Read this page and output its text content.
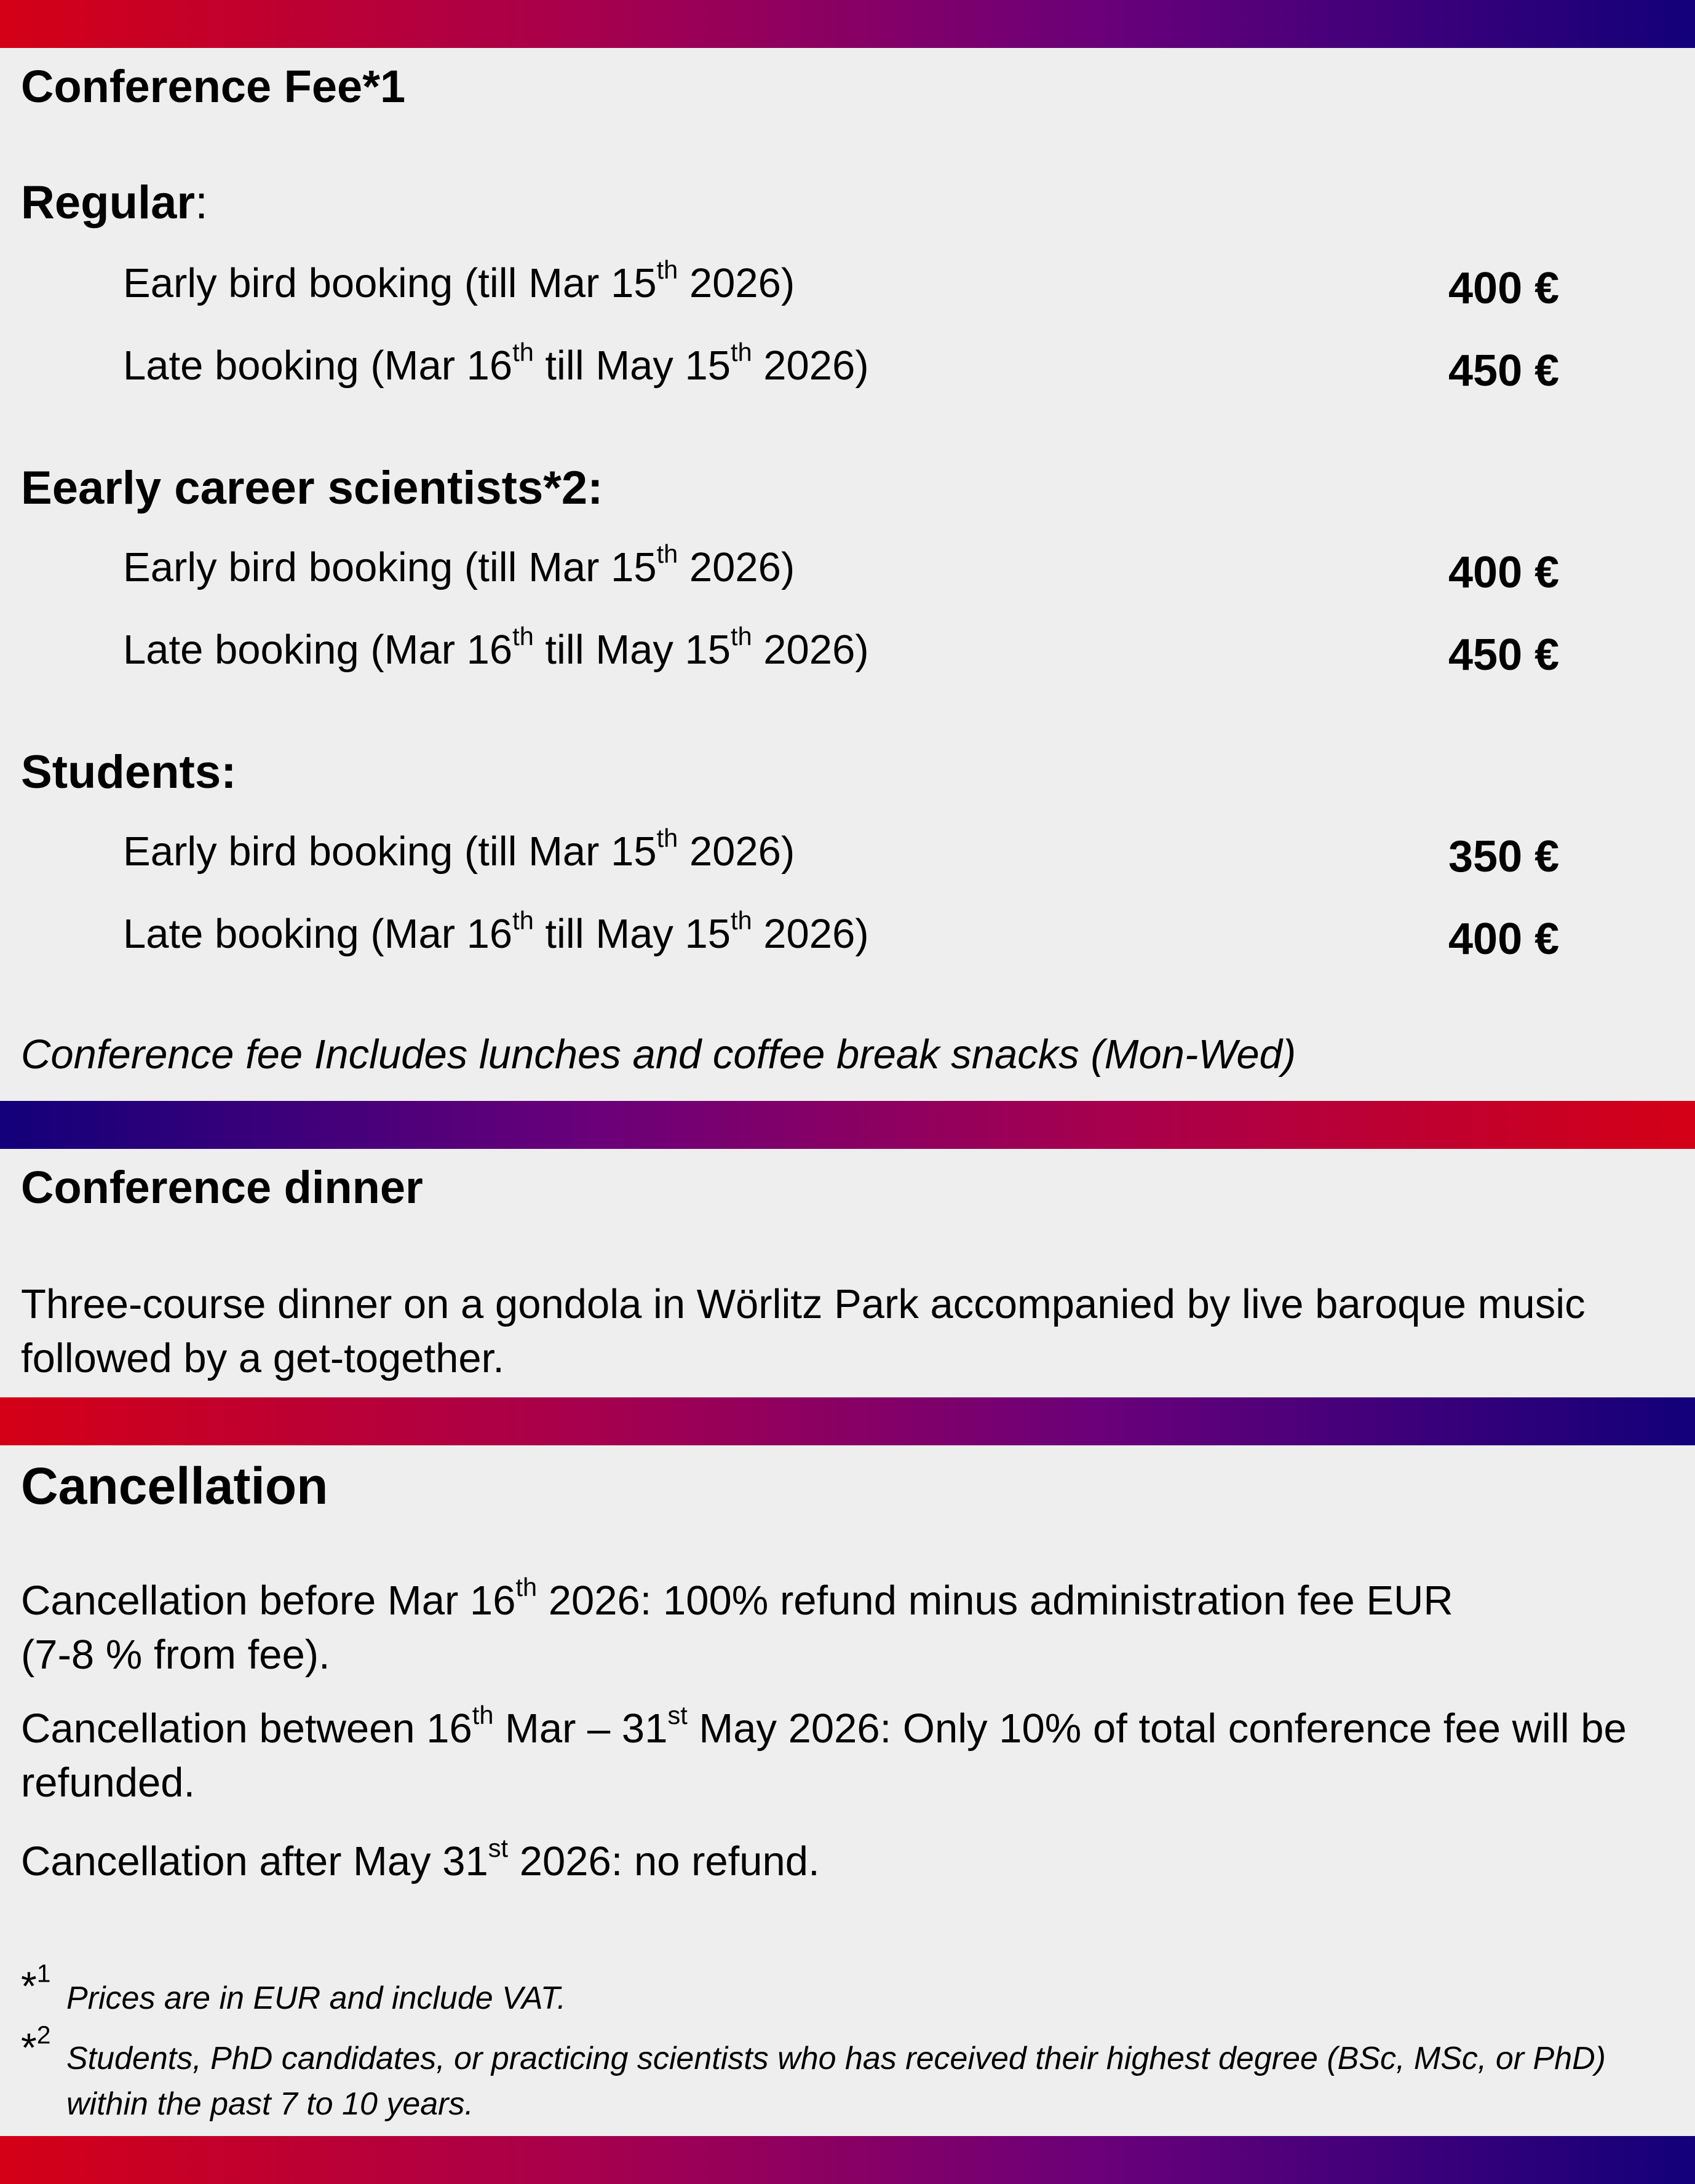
Conference Fee*1
Regular:
Early bird booking (till Mar 15th 2026)	400 €
Late booking (Mar 16th till May 15th 2026)	450 €
Eearly career scientists*2:
Early bird booking (till Mar 15th 2026)	400 €
Late booking (Mar 16th till May 15th 2026)	450 €
Students:
Early bird booking (till Mar 15th 2026)	350 €
Late booking (Mar 16th till May 15th 2026)	400 €
Conference fee Includes lunches and coffee break snacks (Mon-Wed)
Conference dinner
Three-course dinner on a gondola in Wörlitz Park accompanied by live baroque music
followed by a get-together.
Cancellation
Cancellation before Mar 16th 2026: 100% refund minus administration fee EUR
(7-8 % from fee).
Cancellation between 16th Mar – 31st May 2026: Only 10% of total conference fee will be
refunded.
Cancellation after May 31st 2026: no refund.
*$^1$
Prices are in EUR and include VAT.
*$^2$
Students, PhD candidates, or practicing scientists who has received their highest degree (BSc, MSc, or PhD) within the past 7 to 10 years.
